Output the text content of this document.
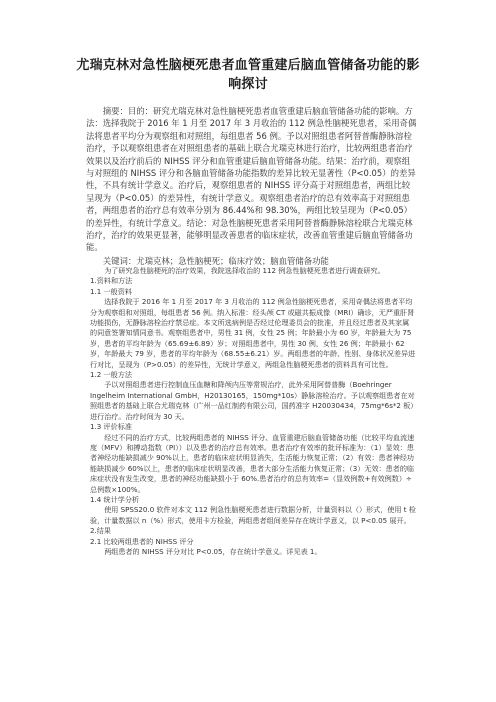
尤瑞克林对急性脑梗死患者血管重建后脑血管储备功能的影响探讨

摘要：目的：研究尤瑞克林对急性脑梗死患者血管重建后脑血管储备功能的影响。方法：选择我院于 2016 年 1 月至 2017 年 3 月收治的 112 例急性脑梗死患者，采用奇偶法将患者平均分为观察组和对照组，每组患者 56 例。予以对照组患者阿替普酶静脉溶栓治疗，予以观察组患者在对照组患者的基础上联合尤瑞克林进行治疗，比较两组患者治疗效果以及治疗前后的 NIHSS 评分和血管重建后脑血管储备功能。结果：治疗前，观察组与对照组的 NIHSS 评分和各脑血管储备功能指数的差异比较无显著性（P<0.05）的差异性，不具有统计学意义。治疗后，观察组患者的 NIHSS 评分高于对照组患者，两组比较呈现为（P<0.05）的差异性，有统计学意义。观察组患者治疗的总有效率高于对照组患者，两组患者的治疗总有效率分别为 86.44%和 98.30%，两组比较呈现为（P<0.05）的差异性，有统计学意义。结论：对急性脑梗死患者采用阿替普酶静脉溶栓联合尤瑞克林治疗，治疗的效果更显著，能够明显改善患者的临床症状，改善血管重建后脑血管储备功能。

关键词：尤瑞克林；急性脑梗死；临床疗效；脑血管储备功能

为了研究急性脑梗死的治疗效果，我院选择收治的 112 例急性脑梗死患者进行调查研究。

1.资料和方法

1.1 一般资料

选择我院于 2016 年 1 月至 2017 年 3 月收治的 112 例急性脑梗死患者，采用奇偶法将患者平均分为观察组和对照组，每组患者 56 例。纳入标准：经头颅 CT 或磁共振成像（MRI）确诊，无严重肝肾功能损伤，无静脉溶栓治疗禁忌症。本文所选病例是否经过伦理委员会的批准，并且经过患者及其家属的同意签署知情同意书。观察组患者中，男性 31 例，女性 25 例；年龄最小为 60 岁，年龄最大为 75 岁，患者的平均年龄为（65.69±6.89）岁；对照组患者中，男性 30 例，女性 26 例；年龄最小 62 岁，年龄最大 79 岁，患者的平均年龄为（68.55±6.21）岁。两组患者的年龄、性别、身体状况差异进行对比，呈现为（P>0.05）的差异性，无统计学意义，两组急性脑梗死患者的资料具有可比性。

1.2 一般方法

予以对照组患者进行控制血压血糖和降颅内压等常规治疗，此外采用阿替普酶（Boehringer Ingelheim International GmbH，H20130165，150mg*10s）静脉溶栓治疗。予以观察组患者在对照组患者的基础上联合尤瑞克林（广州一品红制药有限公司，国药准字 H20030434，75mg*6s*2 板）进行治疗。治疗时间为 30 天。

1.3 评价标准

经过不同的治疗方式，比较两组患者的 NIHSS 评分、血管重建后脑血管储备功能（比较平均血流速度（MFV）和搏动指数（PI））以及患者的治疗总有效率。患者治疗有效率的批评标准为：（1）显效：患者神经功能缺损减少 90%以上，患者的临床症状明显消失，生活能力恢复正常；（2）有效：患者神经功能缺损减少 60%以上，患者的临床症状明显改善，患者大部分生活能力恢复正常；（3）无效：患者的临床症状没有发生改变，患者的神经功能缺损小于 60%.患者治疗的总有效率=（显效例数+有效例数）÷总例数×100%。

1.4 统计学分析

使用 SPSS20.0 软件对本文 112 例急性脑梗死患者进行数据分析，计量资料以（）形式，使用 t 检验，计量数据以 n（%）形式，使用卡方检验，两组患者组间差异存在统计学意义，以 P<0.05 展开。

2.结果

2.1 比较两组患者的 NIHSS 评分

两组患者的 NIHSS 评分对比 P<0.05，存在统计学意义。详见表 1。
